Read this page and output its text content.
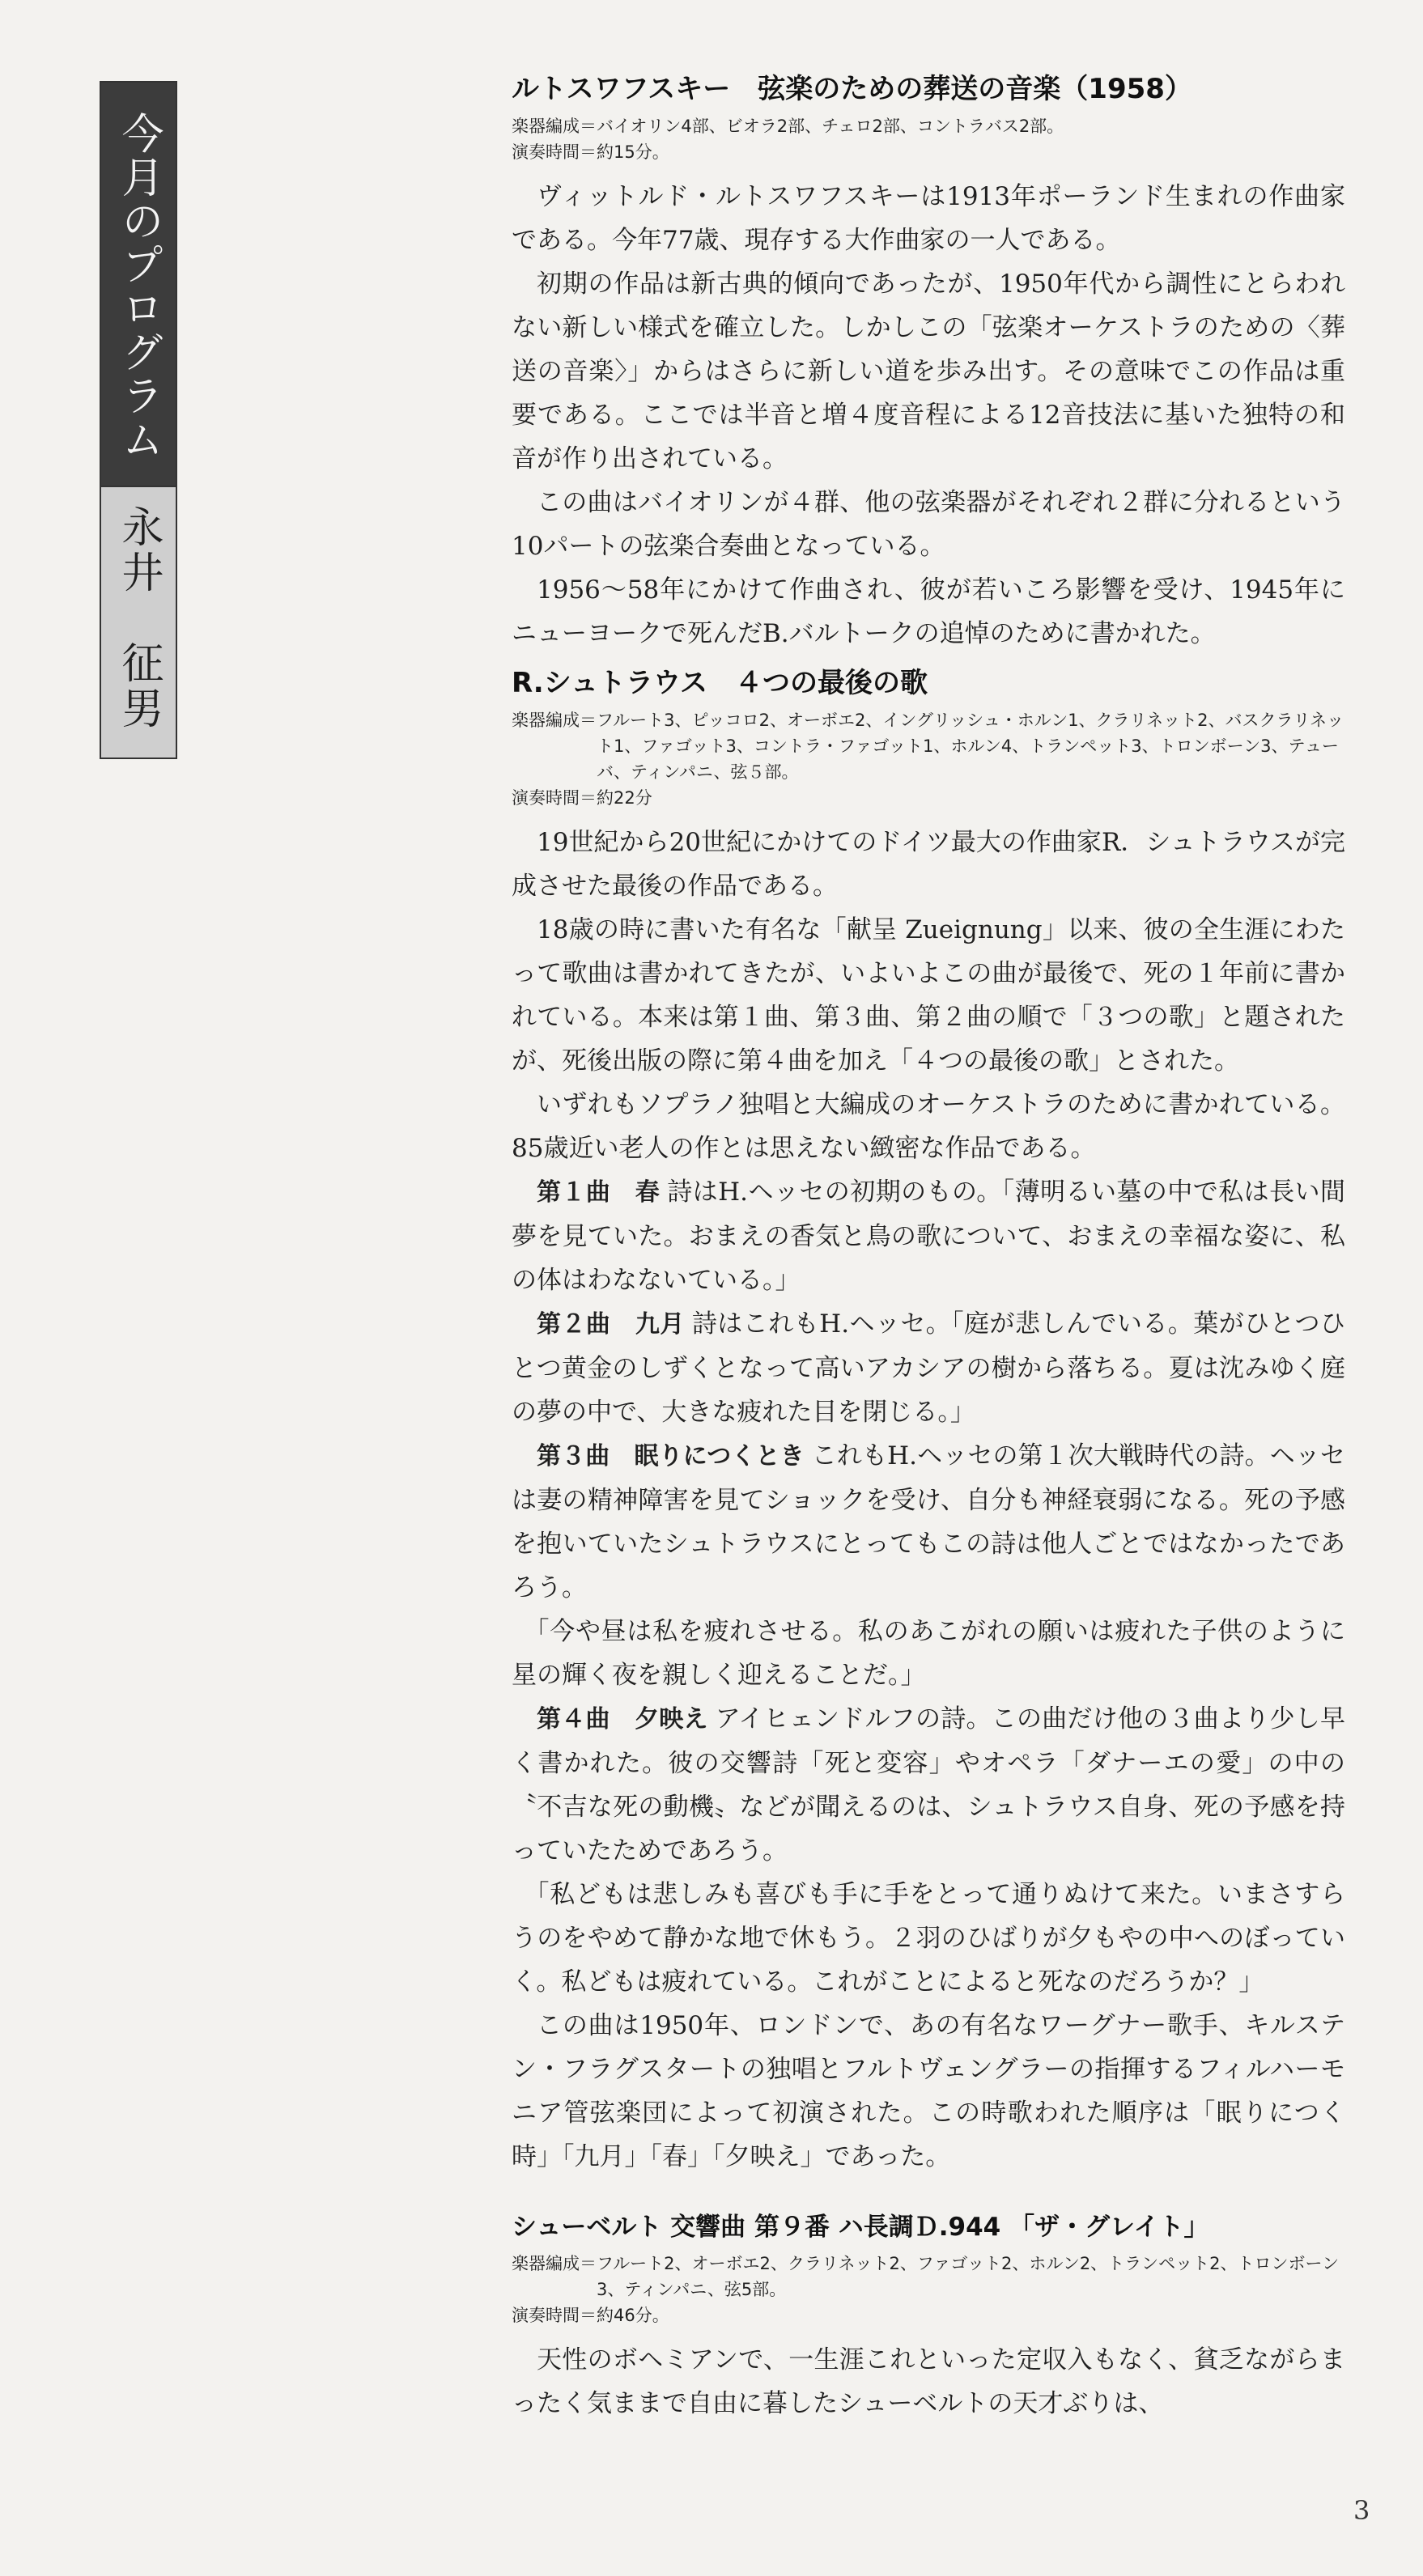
今月のプログラム
永井　征男
ルトスワフスキー　弦楽のための葬送の音楽（1958）
楽器編成＝ バイオリン4部、ビオラ2部、チェロ2部、コントラバス2部。
演奏時間＝ 約15分。

ヴィットルド・ルトスワフスキーは1913年ポーランド生まれの作曲家である。今年77歳、現存する大作曲家の一人である。

初期の作品は新古典的傾向であったが、1950年代から調性にとらわれない新しい様式を確立した。しかしこの「弦楽オーケストラのための〈葬送の音楽〉」からはさらに新しい道を歩み出す。その意味でこの作品は重要である。ここでは半音と増４度音程による12音技法に基いた独特の和音が作り出されている。

この曲はバイオリンが４群、他の弦楽器がそれぞれ２群に分れるという10パートの弦楽合奏曲となっている。

1956～58年にかけて作曲され、彼が若いころ影響を受け、1945年にニューヨークで死んだB.バルトークの追悼のために書かれた。

R.シュトラウス　４つの最後の歌
楽器編成＝ フルート3、ピッコロ2、オーボエ2、イングリッシュ・ホルン1、クラリネット2、バスクラリネット1、ファゴット3、コントラ・ファゴット1、ホルン4、トランペット3、トロンボーン3、テューバ、ティンパニ、弦５部。
演奏時間＝ 約22分

19世紀から20世紀にかけてのドイツ最大の作曲家R．シュトラウスが完成させた最後の作品である。

18歳の時に書いた有名な「献呈 Zueignung」以来、彼の全生涯にわたって歌曲は書かれてきたが、いよいよこの曲が最後で、死の１年前に書かれている。本来は第１曲、第３曲、第２曲の順で「３つの歌」と題されたが、死後出版の際に第４曲を加え「４つの最後の歌」とされた。

いずれもソプラノ独唱と大編成のオーケストラのために書かれている。85歳近い老人の作とは思えない緻密な作品である。

第１曲　春 詩はH.ヘッセの初期のもの。「薄明るい墓の中で私は長い間夢を見ていた。おまえの香気と鳥の歌について、おまえの幸福な姿に、私の体はわなないている。」

第２曲　九月 詩はこれもH.ヘッセ。「庭が悲しんでいる。葉がひとつひとつ黄金のしずくとなって高いアカシアの樹から落ちる。夏は沈みゆく庭の夢の中で、大きな疲れた目を閉じる。」

第３曲　眠りにつくとき これもH.ヘッセの第１次大戦時代の詩。ヘッセは妻の精神障害を見てショックを受け、自分も神経衰弱になる。死の予感を抱いていたシュトラウスにとってもこの詩は他人ごとではなかったであろう。

「今や昼は私を疲れさせる。私のあこがれの願いは疲れた子供のように星の輝く夜を親しく迎えることだ。」

第４曲　夕映え アイヒェンドルフの詩。この曲だけ他の３曲より少し早く書かれた。彼の交響詩「死と変容」やオペラ「ダナーエの愛」の中の〝不吉な死の動機〟などが聞えるのは、シュトラウス自身、死の予感を持っていたためであろう。

「私どもは悲しみも喜びも手に手をとって通りぬけて来た。いまさすらうのをやめて静かな地で休もう。２羽のひばりが夕もやの中へのぼっていく。私どもは疲れている。これがことによると死なのだろうか？」

この曲は1950年、ロンドンで、あの有名なワーグナー歌手、キルステン・フラグスタートの独唱とフルトヴェングラーの指揮するフィルハーモニア管弦楽団によって初演された。この時歌われた順序は「眠りにつく時」「九月」「春」「夕映え」であった。

シューベルト 交響曲 第９番 ハ長調Ｄ.944 「ザ・グレイト」
楽器編成＝ フルート2、オーボエ2、クラリネット2、ファゴット2、ホルン2、トランペット2、トロンボーン3、ティンパニ、弦5部。
演奏時間＝ 約46分。

天性のボヘミアンで、一生涯これといった定収入もなく、貧乏ながらまったく気ままで自由に暮したシューベルトの天才ぶりは、

3
